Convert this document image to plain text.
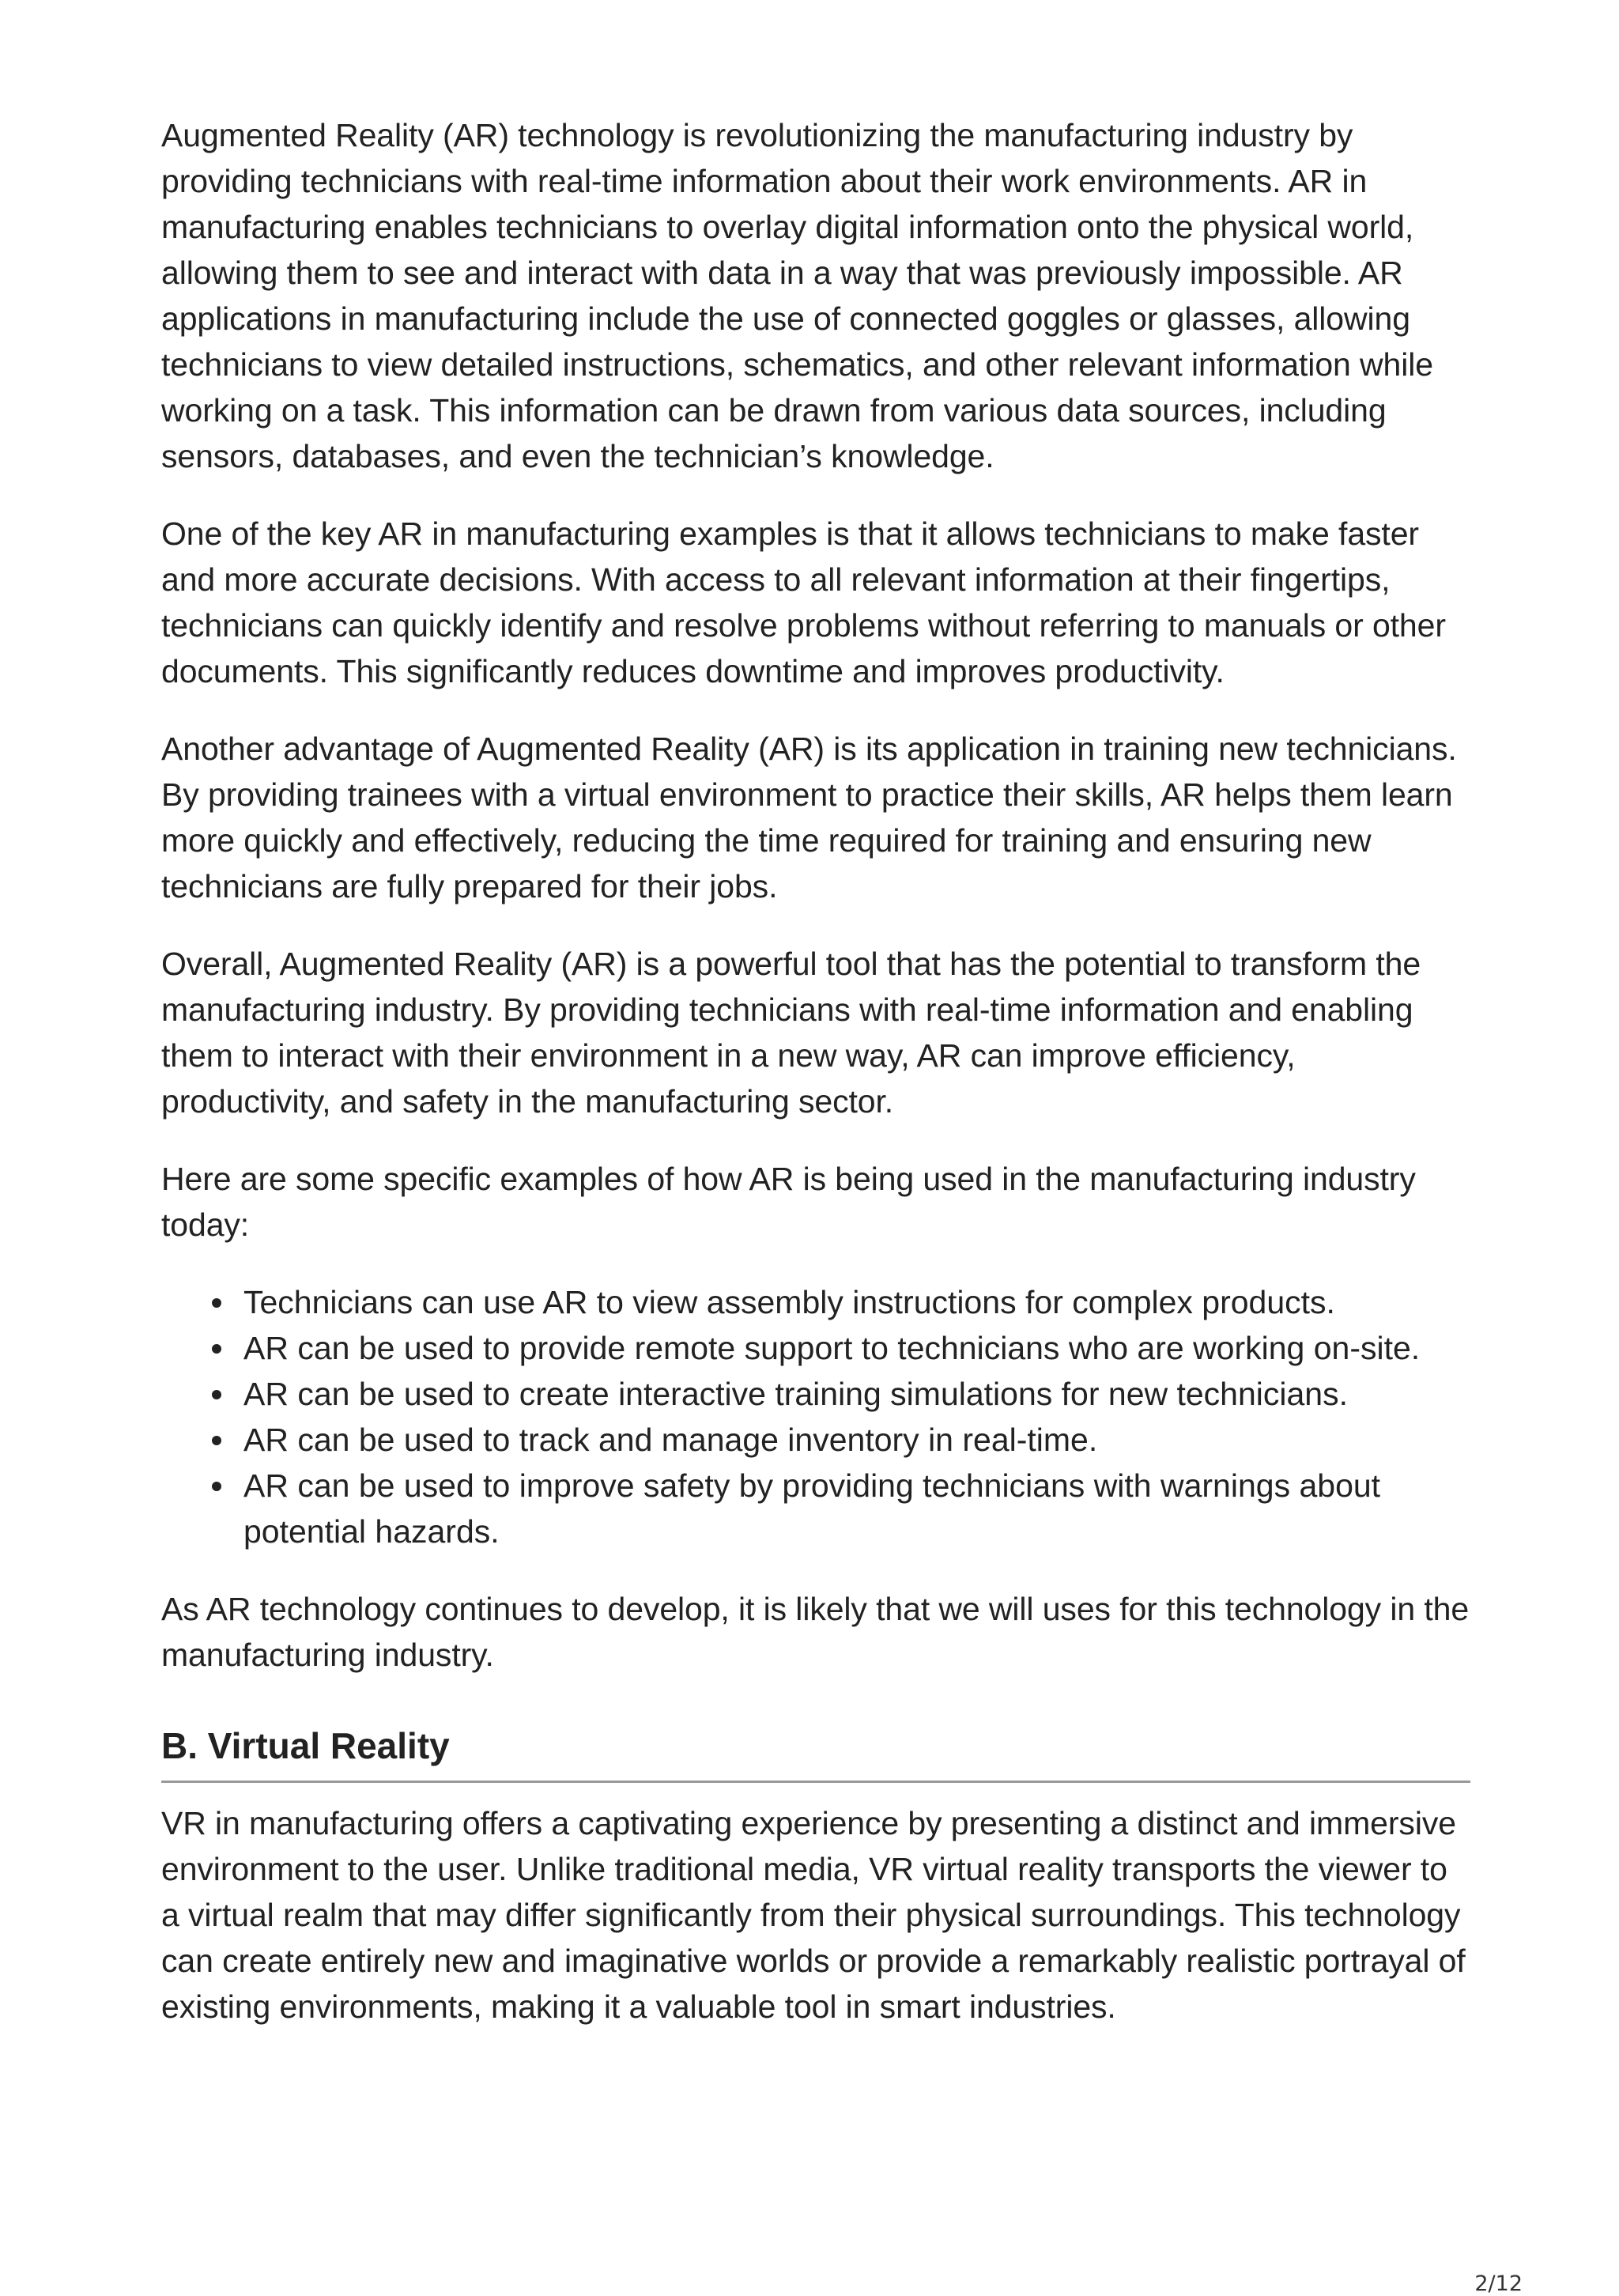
Augmented Reality (AR) technology is revolutionizing the manufacturing industry by providing technicians with real-time information about their work environments. AR in manufacturing enables technicians to overlay digital information onto the physical world, allowing them to see and interact with data in a way that was previously impossible. AR applications in manufacturing include the use of connected goggles or glasses, allowing technicians to view detailed instructions, schematics, and other relevant information while working on a task. This information can be drawn from various data sources, including sensors, databases, and even the technician’s knowledge.

One of the key AR in manufacturing examples is that it allows technicians to make faster and more accurate decisions. With access to all relevant information at their fingertips, technicians can quickly identify and resolve problems without referring to manuals or other documents. This significantly reduces downtime and improves productivity.

Another advantage of Augmented Reality (AR) is its application in training new technicians. By providing trainees with a virtual environment to practice their skills, AR helps them learn more quickly and effectively, reducing the time required for training and ensuring new technicians are fully prepared for their jobs.

Overall, Augmented Reality (AR) is a powerful tool that has the potential to transform the manufacturing industry. By providing technicians with real-time information and enabling them to interact with their environment in a new way, AR can improve efficiency, productivity, and safety in the manufacturing sector.

Here are some specific examples of how AR is being used in the manufacturing industry today:

Technicians can use AR to view assembly instructions for complex products.
AR can be used to provide remote support to technicians who are working on-site.
AR can be used to create interactive training simulations for new technicians.
AR can be used to track and manage inventory in real-time.
AR can be used to improve safety by providing technicians with warnings about potential hazards.

As AR technology continues to develop, it is likely that we will uses for this technology in the manufacturing industry.

B. Virtual Reality

VR in manufacturing offers a captivating experience by presenting a distinct and immersive environment to the user. Unlike traditional media, VR virtual reality transports the viewer to a virtual realm that may differ significantly from their physical surroundings. This technology can create entirely new and imaginative worlds or provide a remarkably realistic portrayal of existing environments, making it a valuable tool in smart industries.

2/12
